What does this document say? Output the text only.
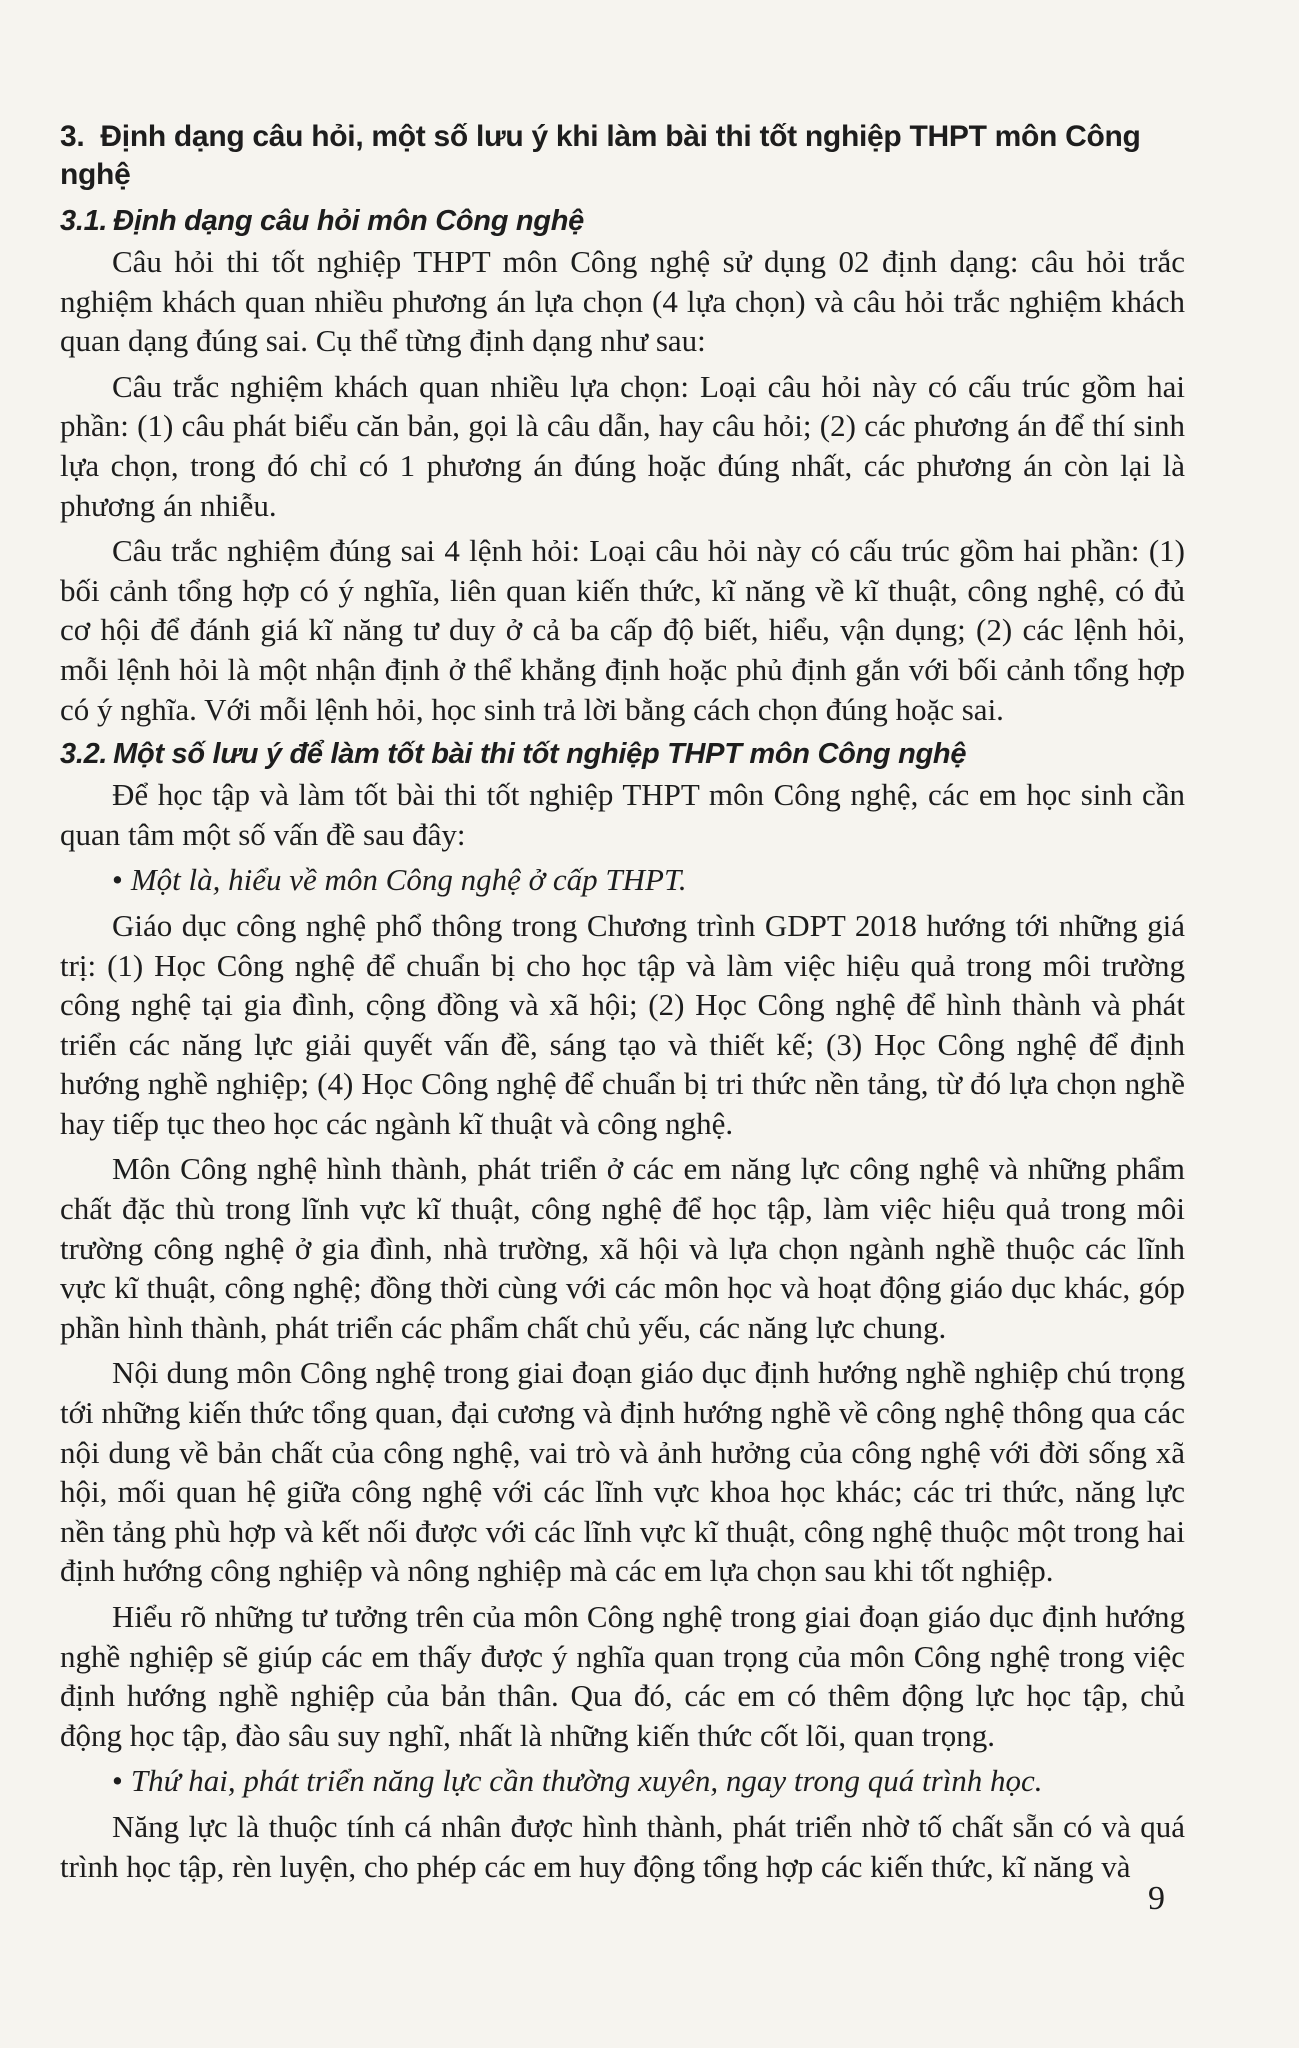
3. Định dạng câu hỏi, một số lưu ý khi làm bài thi tốt nghiệp THPT môn Công nghệ
3.1. Định dạng câu hỏi môn Công nghệ

Câu hỏi thi tốt nghiệp THPT môn Công nghệ sử dụng 02 định dạng: câu hỏi trắc nghiệm khách quan nhiều phương án lựa chọn (4 lựa chọn) và câu hỏi trắc nghiệm khách quan dạng đúng sai. Cụ thể từng định dạng như sau:

Câu trắc nghiệm khách quan nhiều lựa chọn: Loại câu hỏi này có cấu trúc gồm hai phần: (1) câu phát biểu căn bản, gọi là câu dẫn, hay câu hỏi; (2) các phương án để thí sinh lựa chọn, trong đó chỉ có 1 phương án đúng hoặc đúng nhất, các phương án còn lại là phương án nhiễu.

Câu trắc nghiệm đúng sai 4 lệnh hỏi: Loại câu hỏi này có cấu trúc gồm hai phần: (1) bối cảnh tổng hợp có ý nghĩa, liên quan kiến thức, kĩ năng về kĩ thuật, công nghệ, có đủ cơ hội để đánh giá kĩ năng tư duy ở cả ba cấp độ biết, hiểu, vận dụng; (2) các lệnh hỏi, mỗi lệnh hỏi là một nhận định ở thể khẳng định hoặc phủ định gắn với bối cảnh tổng hợp có ý nghĩa. Với mỗi lệnh hỏi, học sinh trả lời bằng cách chọn đúng hoặc sai.

3.2. Một số lưu ý để làm tốt bài thi tốt nghiệp THPT môn Công nghệ

Để học tập và làm tốt bài thi tốt nghiệp THPT môn Công nghệ, các em học sinh cần quan tâm một số vấn đề sau đây:

• Một là, hiểu về môn Công nghệ ở cấp THPT.

Giáo dục công nghệ phổ thông trong Chương trình GDPT 2018 hướng tới những giá trị: (1) Học Công nghệ để chuẩn bị cho học tập và làm việc hiệu quả trong môi trường công nghệ tại gia đình, cộng đồng và xã hội; (2) Học Công nghệ để hình thành và phát triển các năng lực giải quyết vấn đề, sáng tạo và thiết kế; (3) Học Công nghệ để định hướng nghề nghiệp; (4) Học Công nghệ để chuẩn bị tri thức nền tảng, từ đó lựa chọn nghề hay tiếp tục theo học các ngành kĩ thuật và công nghệ.

Môn Công nghệ hình thành, phát triển ở các em năng lực công nghệ và những phẩm chất đặc thù trong lĩnh vực kĩ thuật, công nghệ để học tập, làm việc hiệu quả trong môi trường công nghệ ở gia đình, nhà trường, xã hội và lựa chọn ngành nghề thuộc các lĩnh vực kĩ thuật, công nghệ; đồng thời cùng với các môn học và hoạt động giáo dục khác, góp phần hình thành, phát triển các phẩm chất chủ yếu, các năng lực chung.

Nội dung môn Công nghệ trong giai đoạn giáo dục định hướng nghề nghiệp chú trọng tới những kiến thức tổng quan, đại cương và định hướng nghề về công nghệ thông qua các nội dung về bản chất của công nghệ, vai trò và ảnh hưởng của công nghệ với đời sống xã hội, mối quan hệ giữa công nghệ với các lĩnh vực khoa học khác; các tri thức, năng lực nền tảng phù hợp và kết nối được với các lĩnh vực kĩ thuật, công nghệ thuộc một trong hai định hướng công nghiệp và nông nghiệp mà các em lựa chọn sau khi tốt nghiệp.

Hiểu rõ những tư tưởng trên của môn Công nghệ trong giai đoạn giáo dục định hướng nghề nghiệp sẽ giúp các em thấy được ý nghĩa quan trọng của môn Công nghệ trong việc định hướng nghề nghiệp của bản thân. Qua đó, các em có thêm động lực học tập, chủ động học tập, đào sâu suy nghĩ, nhất là những kiến thức cốt lõi, quan trọng.

• Thứ hai, phát triển năng lực cần thường xuyên, ngay trong quá trình học.

Năng lực là thuộc tính cá nhân được hình thành, phát triển nhờ tố chất sẵn có và quá trình học tập, rèn luyện, cho phép các em huy động tổng hợp các kiến thức, kĩ năng và

9
